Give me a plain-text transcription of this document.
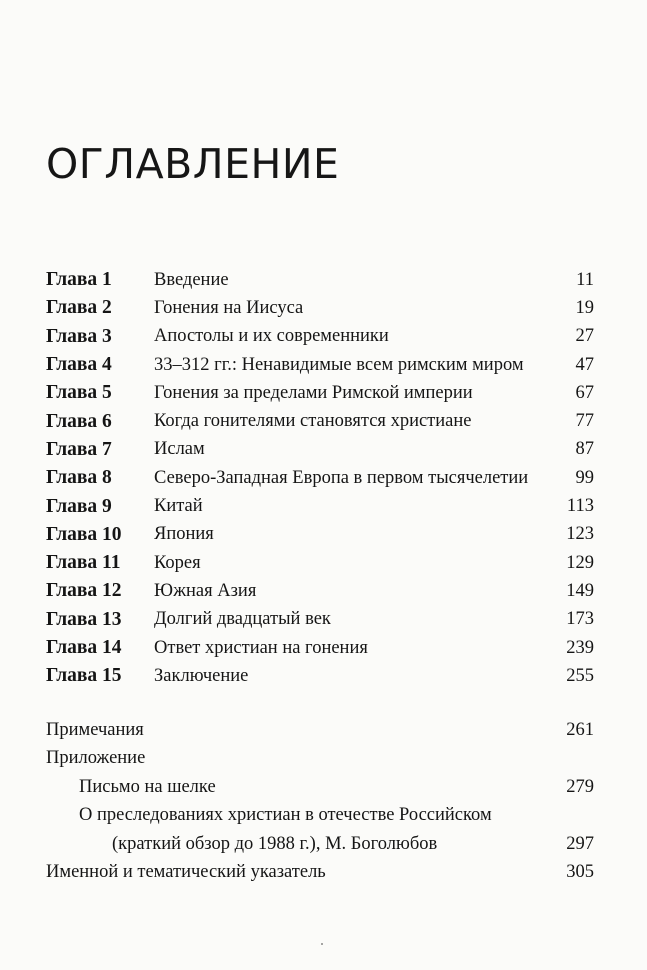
ОГЛАВЛЕНИЕ
Глава 1	Введение	11
Глава 2	Гонения на Иисуса	19
Глава 3	Апостолы и их современники	27
Глава 4	33–312 гг.: Ненавидимые всем римским миром	47
Глава 5	Гонения за пределами Римской империи	67
Глава 6	Когда гонителями становятся христиане	77
Глава 7	Ислам	87
Глава 8	Северо-Западная Европа в первом тысячелетии	99
Глава 9	Китай	113
Глава 10	Япония	123
Глава 11	Корея	129
Глава 12	Южная Азия	149
Глава 13	Долгий двадцатый век	173
Глава 14	Ответ христиан на гонения	239
Глава 15	Заключение	255
Примечания	261
Приложение
Письмо на шелке	279
О преследованиях христиан в отечестве Российском
(краткий обзор до 1988 г.), М. Боголюбов	297
Именной и тематический указатель	305
